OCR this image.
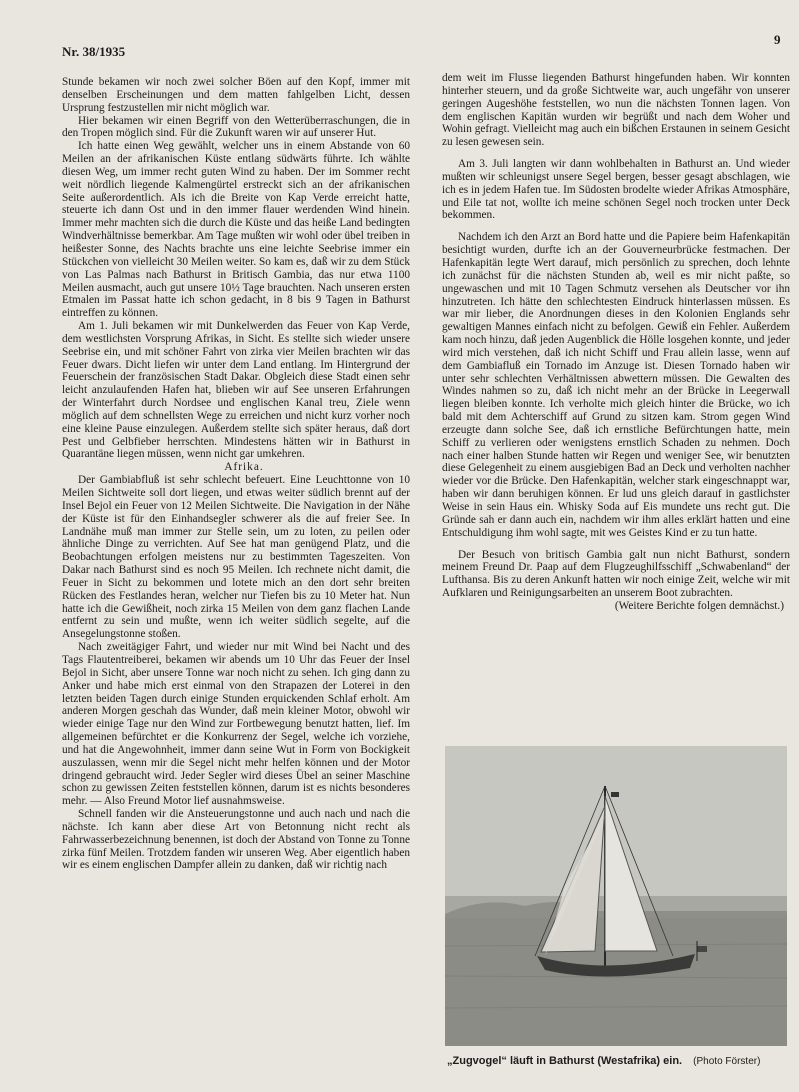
Nr. 38/1935
9

Stunde bekamen wir noch zwei solcher Böen auf den Kopf, immer mit denselben Erscheinungen und dem matten fahlgelben Licht, dessen Ursprung festzustellen mir nicht möglich war.

Hier bekamen wir einen Begriff von den Wetterüberraschungen, die in den Tropen möglich sind. Für die Zukunft waren wir auf unserer Hut.

Ich hatte einen Weg gewählt, welcher uns in einem Abstande von 60 Meilen an der afrikanischen Küste entlang südwärts führte. Ich wählte diesen Weg, um immer recht guten Wind zu haben. Der im Sommer recht weit nördlich liegende Kalmengürtel erstreckt sich an der afrikanischen Seite außerordentlich. Als ich die Breite von Kap Verde erreicht hatte, steuerte ich dann Ost und in den immer flauer werdenden Wind hinein. Immer mehr machten sich die durch die Küste und das heiße Land bedingten Windverhältnisse bemerkbar. Am Tage mußten wir wohl oder übel treiben in heißester Sonne, des Nachts brachte uns eine leichte Seebrise immer ein Stückchen von vielleicht 30 Meilen weiter. So kam es, daß wir zu dem Stück von Las Palmas nach Bathurst in Britisch Gambia, das nur etwa 1100 Meilen ausmacht, auch gut unsere 10½ Tage brauchten. Nach unseren ersten Etmalen im Passat hatte ich schon gedacht, in 8 bis 9 Tagen in Bathurst eintreffen zu können.

Am 1. Juli bekamen wir mit Dunkelwerden das Feuer von Kap Verde, dem westlichsten Vorsprung Afrikas, in Sicht. Es stellte sich wieder unsere Seebrise ein, und mit schöner Fahrt von zirka vier Meilen brachten wir das Feuer dwars. Dicht liefen wir unter dem Land entlang. Im Hintergrund der Feuerschein der französischen Stadt Dakar. Obgleich diese Stadt einen sehr leicht anzulaufenden Hafen hat, blieben wir auf See unseren Erfahrungen der Winterfahrt durch Nordsee und englischen Kanal treu, Ziele wenn möglich auf dem schnellsten Wege zu erreichen und nicht kurz vorher noch eine kleine Pause einzulegen. Außerdem stellte sich später heraus, daß dort Pest und Gelbfieber herrschten. Mindestens hätten wir in Bathurst in Quarantäne liegen müssen, wenn nicht gar umkehren.

Afrika.

Der Gambiabfluß ist sehr schlecht befeuert. Eine Leuchttonne von 10 Meilen Sichtweite soll dort liegen, und etwas weiter südlich brennt auf der Insel Bejol ein Feuer von 12 Meilen Sichtweite. Die Navigation in der Nähe der Küste ist für den Einhandsegler schwerer als die auf freier See. In Landnähe muß man immer zur Stelle sein, um zu loten, zu peilen oder ähnliche Dinge zu verrichten. Auf See hat man genügend Platz, und die Beobachtungen erfolgen meistens nur zu bestimmten Tageszeiten. Von Dakar nach Bathurst sind es noch 95 Meilen. Ich rechnete nicht damit, die Feuer in Sicht zu bekommen und lotete mich an den dort sehr breiten Rücken des Festlandes heran, welcher nur Tiefen bis zu 10 Meter hat. Nun hatte ich die Gewißheit, noch zirka 15 Meilen von dem ganz flachen Lande entfernt zu sein und mußte, wenn ich weiter südlich segelte, auf die Ansegelungstonne stoßen.

Nach zweitägiger Fahrt, und wieder nur mit Wind bei Nacht und des Tags Flautentreiberei, bekamen wir abends um 10 Uhr das Feuer der Insel Bejol in Sicht, aber unsere Tonne war noch nicht zu sehen. Ich ging dann zu Anker und habe mich erst einmal von den Strapazen der Loterei in den letzten beiden Tagen durch einige Stunden erquickenden Schlaf erholt. Am anderen Morgen geschah das Wunder, daß mein kleiner Motor, obwohl wir wieder einige Tage nur den Wind zur Fortbewegung benutzt hatten, lief. Im allgemeinen befürchtet er die Konkurrenz der Segel, welche ich vorziehe, und hat die Angewohnheit, immer dann seine Wut in Form von Bockigkeit auszulassen, wenn mir die Segel nicht mehr helfen können und der Motor dringend gebraucht wird. Jeder Segler wird dieses Übel an seiner Maschine schon zu gewissen Zeiten feststellen können, darum ist es nichts besonderes mehr. — Also Freund Motor lief ausnahmsweise.

Schnell fanden wir die Ansteuerungstonne und auch nach und nach die nächste. Ich kann aber diese Art von Betonnung nicht recht als Fahrwasserbezeichnung benennen, ist doch der Abstand von Tonne zu Tonne zirka fünf Meilen. Trotzdem fanden wir unseren Weg. Aber eigentlich haben wir es einem englischen Dampfer allein zu danken, daß wir richtig nach

dem weit im Flusse liegenden Bathurst hingefunden haben. Wir konnten hinterher steuern, und da große Sichtweite war, auch ungefähr von unserer geringen Augeshöhe feststellen, wo nun die nächsten Tonnen lagen. Von dem englischen Kapitän wurden wir begrüßt und nach dem Woher und Wohin gefragt. Vielleicht mag auch ein bißchen Erstaunen in seinem Gesicht zu lesen gewesen sein.

Am 3. Juli langten wir dann wohlbehalten in Bathurst an. Und wieder mußten wir schleunigst unsere Segel bergen, besser gesagt abschlagen, wie ich es in jedem Hafen tue. Im Südosten brodelte wieder Afrikas Atmosphäre, und Eile tat not, wollte ich meine schönen Segel noch trocken unter Deck bekommen.

Nachdem ich den Arzt an Bord hatte und die Papiere beim Hafenkapitän besichtigt wurden, durfte ich an der Gouverneurbrücke festmachen. Der Hafenkapitän legte Wert darauf, mich persönlich zu sprechen, doch lehnte ich zunächst für die nächsten Stunden ab, weil es mir nicht paßte, so ungewaschen und mit 10 Tagen Schmutz versehen als Deutscher vor ihn hinzutreten. Ich hätte den schlechtesten Eindruck hinterlassen müssen. Es war mir lieber, die Anordnungen dieses in den Kolonien Englands sehr gewaltigen Mannes einfach nicht zu befolgen. Gewiß ein Fehler. Außerdem kam noch hinzu, daß jeden Augenblick die Hölle losgehen konnte, und jeder wird mich verstehen, daß ich nicht Schiff und Frau allein lasse, wenn auf dem Gambiafluß ein Tornado im Anzuge ist. Diesen Tornado haben wir unter sehr schlechten Verhältnissen abwettern müssen. Die Gewalten des Windes nahmen so zu, daß ich nicht mehr an der Brücke in Leegerwall liegen bleiben konnte. Ich verholte mich gleich hinter die Brücke, wo ich bald mit dem Achterschiff auf Grund zu sitzen kam. Strom gegen Wind erzeugte dann solche See, daß ich ernstliche Befürchtungen hatte, mein Schiff zu verlieren oder wenigstens ernstlich Schaden zu nehmen. Doch nach einer halben Stunde hatten wir Regen und weniger See, wir benutzten diese Gelegenheit zu einem ausgiebigen Bad an Deck und verholten nachher wieder vor die Brücke. Den Hafenkapitän, welcher stark eingeschnappt war, haben wir dann beruhigen können. Er lud uns gleich darauf in gastlichster Weise in sein Haus ein. Whisky Soda auf Eis mundete uns recht gut. Die Gründe sah er dann auch ein, nachdem wir ihm alles erklärt hatten und eine Entschuldigung ihm wohl sagte, mit wes Geistes Kind er zu tun hatte.

Der Besuch von britisch Gambia galt nun nicht Bathurst, sondern meinem Freund Dr. Paap auf dem Flugzeughilfsschiff „Schwabenland“ der Lufthansa. Bis zu deren Ankunft hatten wir noch einige Zeit, welche wir mit Aufklaren und Reinigungsarbeiten an unserem Boot zubrachten.

(Weitere Berichte folgen demnächst.)

„Zugvogel“ läuft in Bathurst (Westafrika) ein. (Photo Förster)
